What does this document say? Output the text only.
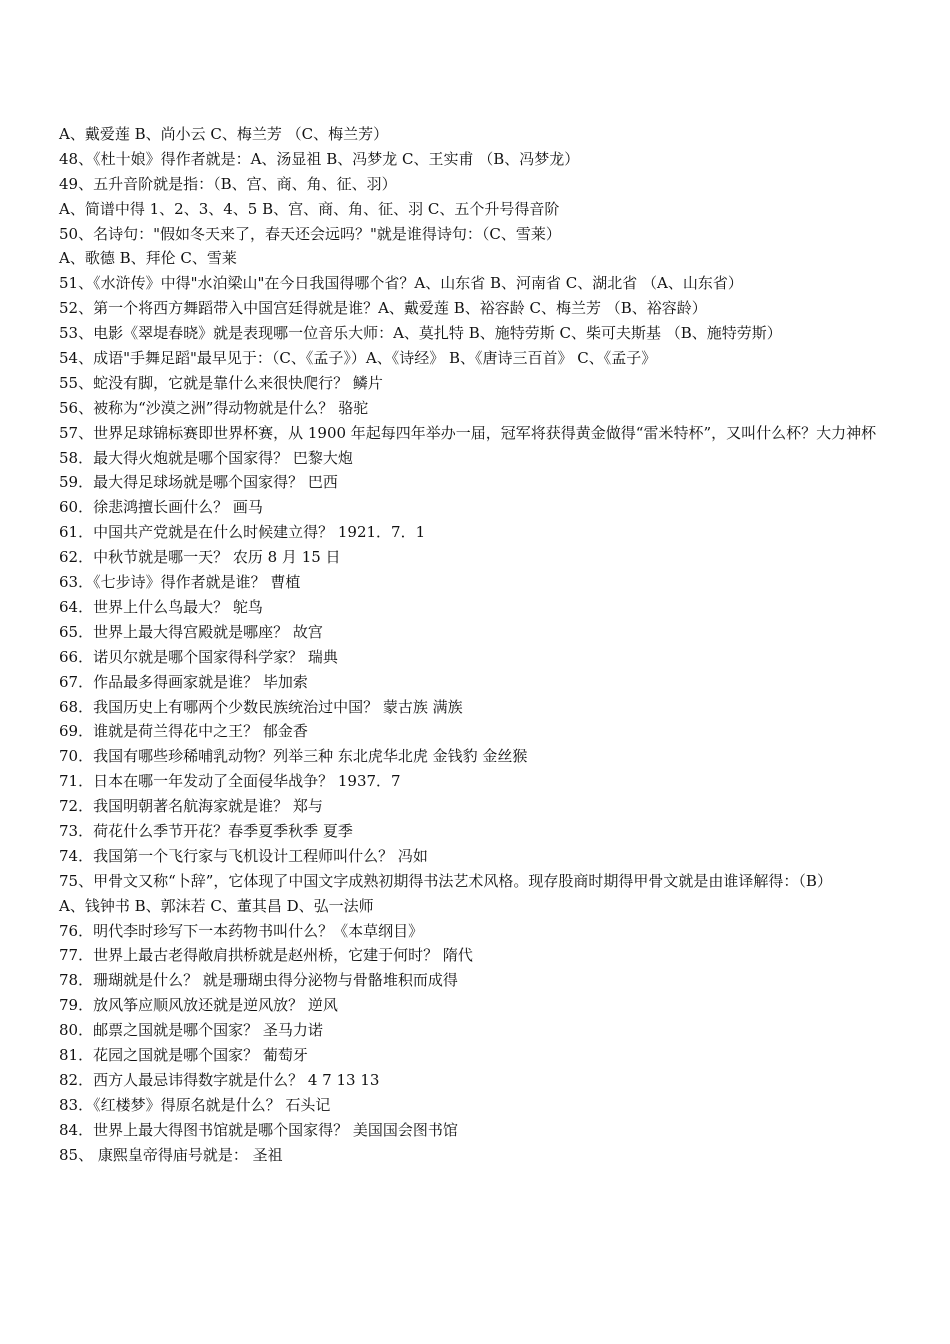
A、戴爱莲 B、尚小云 C、梅兰芳 （C、梅兰芳）
48、《杜十娘》得作者就是：A、汤显祖 B、冯梦龙 C、王实甫 （B、冯梦龙）
49、五升音阶就是指：（B、宫、商、角、征、羽）
A、简谱中得 1、2、3、4、5 B、宫、商、角、征、羽 C、五个升号得音阶
50、名诗句："假如冬天来了，春天还会远吗？"就是谁得诗句：（C、雪莱）
A、歌德 B、拜伦 C、雪莱
51、《水浒传》中得"水泊梁山"在今日我国得哪个省？A、山东省 B、河南省 C、湖北省 （A、山东省）
52、第一个将西方舞蹈带入中国宫廷得就是谁？A、戴爱莲 B、裕容龄 C、梅兰芳 （B、裕容龄）
53、电影《翠堤春晓》就是表现哪一位音乐大师：A、莫扎特 B、施特劳斯 C、柴可夫斯基 （B、施特劳斯）
54、成语"手舞足蹈"最早见于：（C、《孟子》）A、《诗经》 B、《唐诗三百首》 C、《孟子》
55、蛇没有脚，它就是靠什么来很快爬行？ 鳞片
56、被称为“沙漠之洲”得动物就是什么？ 骆驼
57、世界足球锦标赛即世界杯赛，从 1900 年起每四年举办一届，冠军将获得黄金做得“雷米特杯”，又叫什么杯？大力神杯
58．最大得火炮就是哪个国家得？ 巴黎大炮
59．最大得足球场就是哪个国家得？ 巴西
60．徐悲鸿擅长画什么？ 画马
61．中国共产党就是在什么时候建立得？ 1921．7．1
62．中秋节就是哪一天？ 农历 8 月 15 日
63．《七步诗》得作者就是谁？ 曹植
64．世界上什么鸟最大？ 鸵鸟
65．世界上最大得宫殿就是哪座？ 故宫
66．诺贝尔就是哪个国家得科学家？ 瑞典
67．作品最多得画家就是谁？ 毕加索
68．我国历史上有哪两个少数民族统治过中国？ 蒙古族 满族
69．谁就是荷兰得花中之王？ 郁金香
70．我国有哪些珍稀哺乳动物？列举三种 东北虎华北虎 金钱豹 金丝猴
71．日本在哪一年发动了全面侵华战争？ 1937．7
72．我国明朝著名航海家就是谁？ 郑与
73．荷花什么季节开花？春季夏季秋季 夏季
74．我国第一个飞行家与飞机设计工程师叫什么？ 冯如
75、甲骨文又称“卜辞”，它体现了中国文字成熟初期得书法艺术风格。现存股商时期得甲骨文就是由谁译解得：（B）
A、钱钟书 B、郭沫若 C、董其昌 D、弘一法师
76．明代李时珍写下一本药物书叫什么？《本草纲目》
77．世界上最古老得敞肩拱桥就是赵州桥，它建于何时？ 隋代
78．珊瑚就是什么？ 就是珊瑚虫得分泌物与骨骼堆积而成得
79．放风筝应顺风放还就是逆风放？ 逆风
80．邮票之国就是哪个国家？ 圣马力诺
81．花园之国就是哪个国家？ 葡萄牙
82．西方人最忌讳得数字就是什么？ 4 7 13 13
83．《红楼梦》得原名就是什么？ 石头记
84．世界上最大得图书馆就是哪个国家得？ 美国国会图书馆
85、 康熙皇帝得庙号就是： 圣祖
